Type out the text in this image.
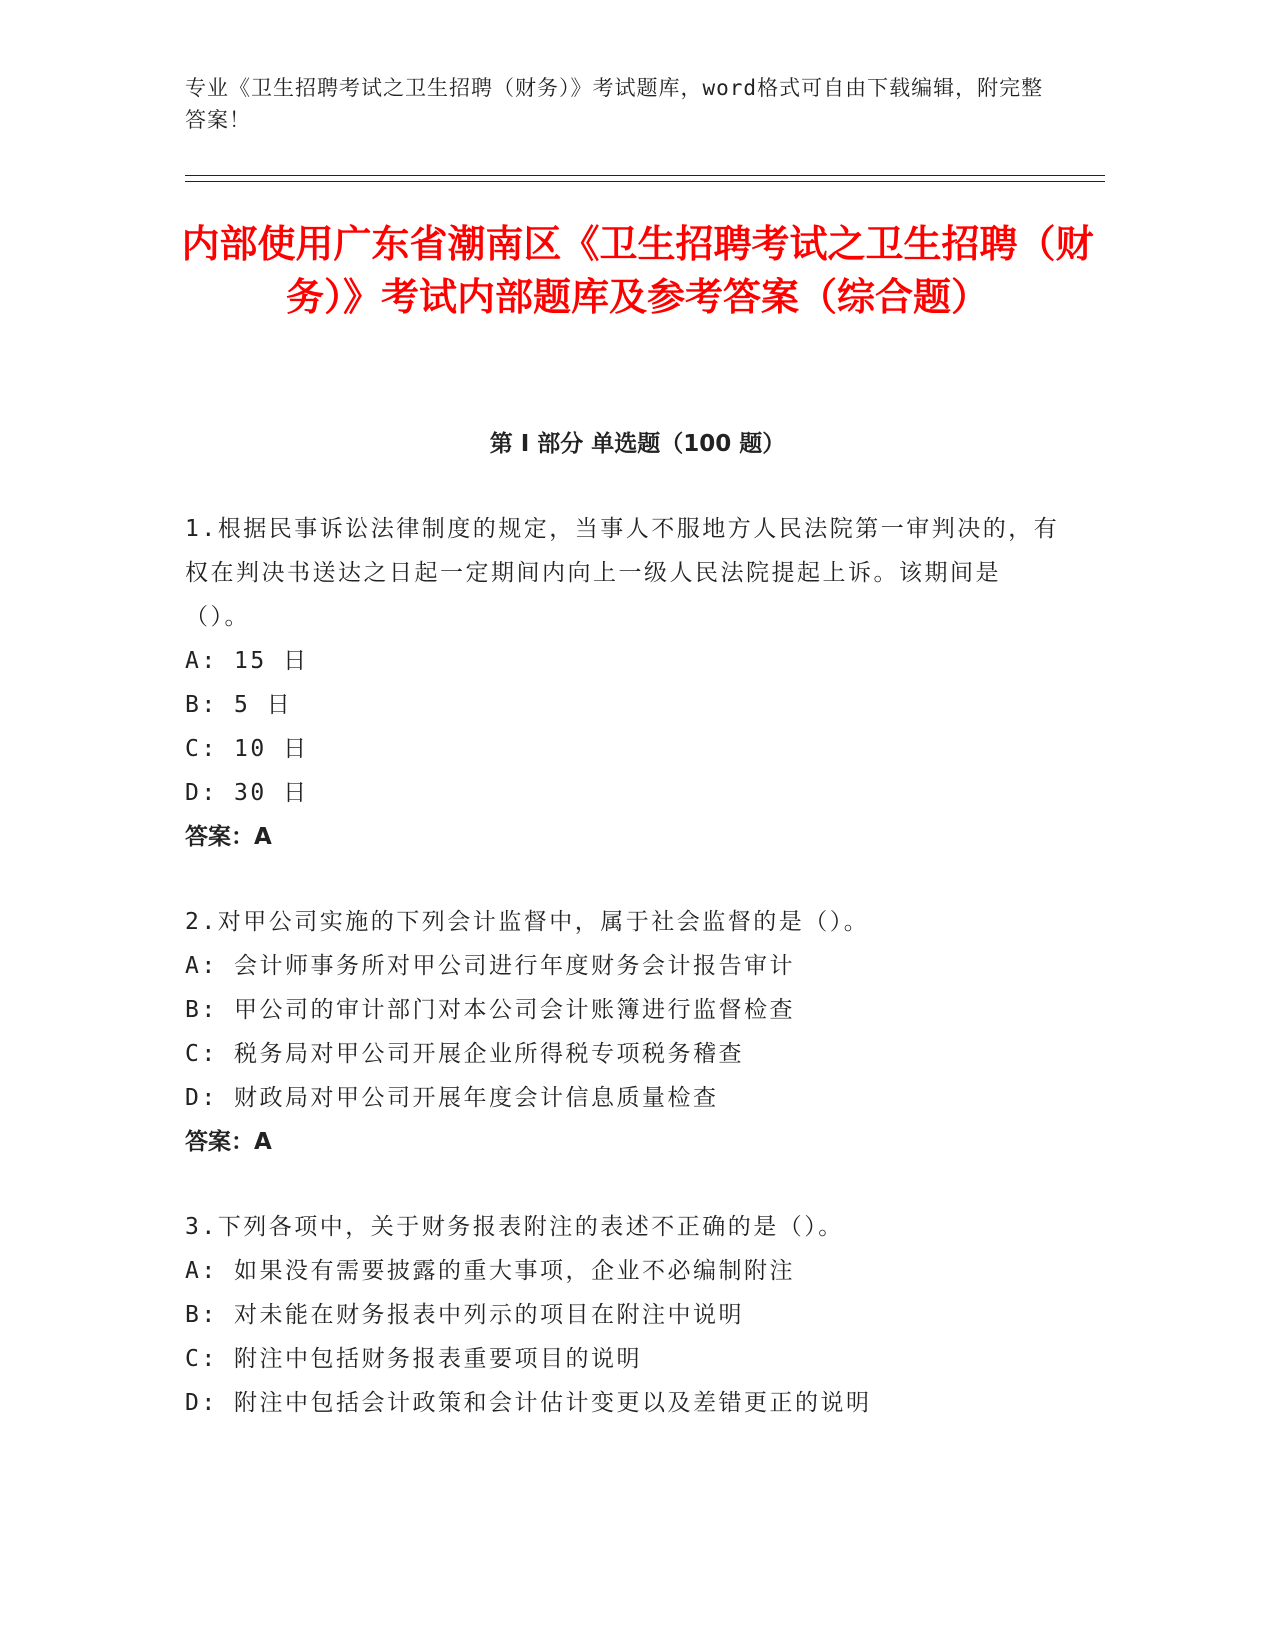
专业《卫生招聘考试之卫生招聘（财务）》考试题库，word格式可自由下载编辑，附完整答案！
内部使用广东省潮南区《卫生招聘考试之卫生招聘（财务）》考试内部题库及参考答案（综合题）
第 I 部分 单选题（100 题）

1.根据民事诉讼法律制度的规定，当事人不服地方人民法院第一审判决的，有权在判决书送达之日起一定期间内向上一级人民法院提起上诉。该期间是（）。

A: 15 日

B: 5 日

C: 10 日

D: 30 日

答案：A

2.对甲公司实施的下列会计监督中，属于社会监督的是（）。

A: 会计师事务所对甲公司进行年度财务会计报告审计

B: 甲公司的审计部门对本公司会计账簿进行监督检查

C: 税务局对甲公司开展企业所得税专项税务稽查

D: 财政局对甲公司开展年度会计信息质量检查

答案：A

3.下列各项中，关于财务报表附注的表述不正确的是（）。

A: 如果没有需要披露的重大事项，企业不必编制附注

B: 对未能在财务报表中列示的项目在附注中说明

C: 附注中包括财务报表重要项目的说明

D: 附注中包括会计政策和会计估计变更以及差错更正的说明
